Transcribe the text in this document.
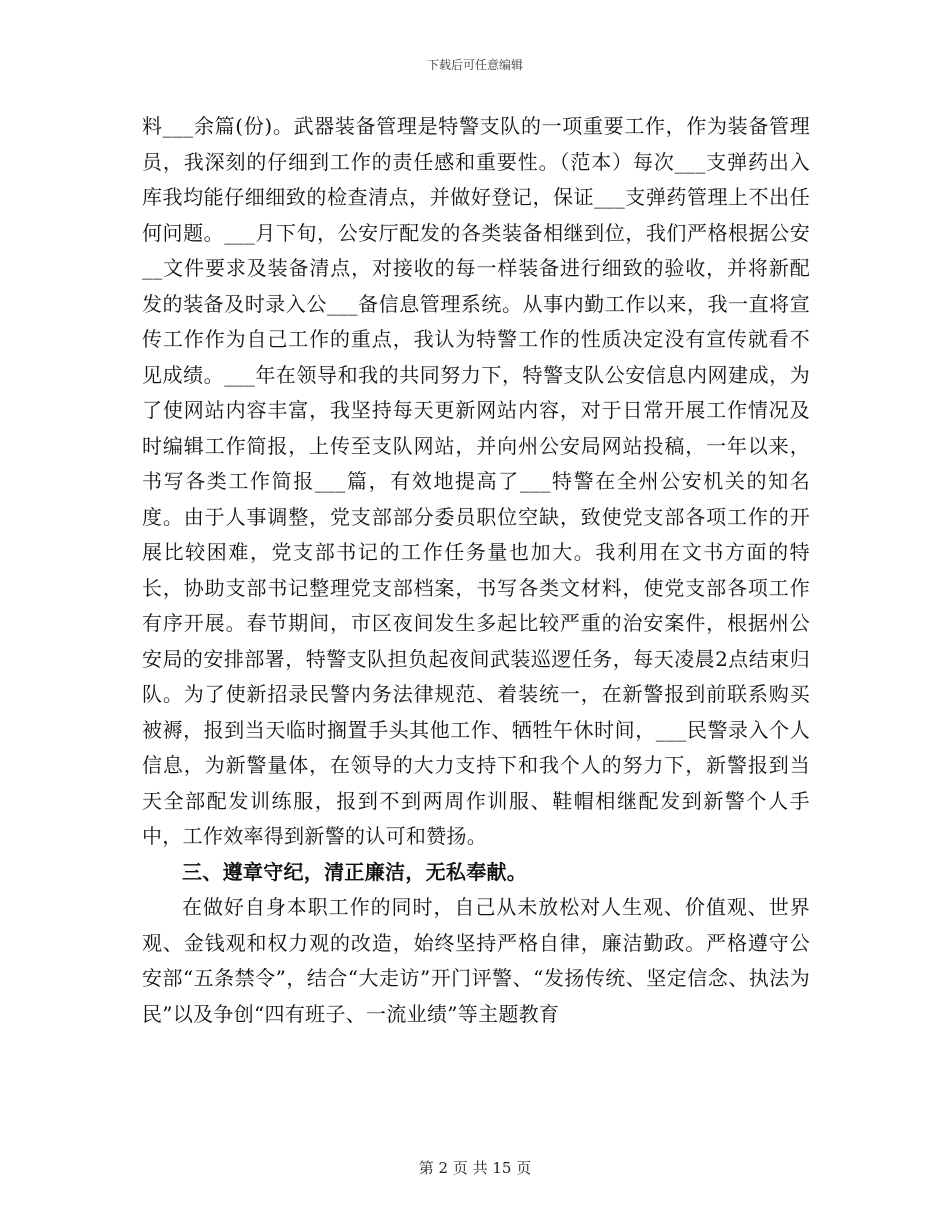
下载后可任意编辑

料___余篇(份)。武器装备管理是特警支队的一项重要工作，作为装备管理员，我深刻的仔细到工作的责任感和重要性。（范本）每次___支弹药出入库我均能仔细细致的检查清点，并做好登记，保证___支弹药管理上不出任何问题。___月下旬，公安厅配发的各类装备相继到位，我们严格根据公安__文件要求及装备清点，对接收的每一样装备进行细致的验收，并将新配发的装备及时录入公___备信息管理系统。从事内勤工作以来，我一直将宣传工作作为自己工作的重点，我认为特警工作的性质决定没有宣传就看不见成绩。___年在领导和我的共同努力下，特警支队公安信息内网建成，为了使网站内容丰富，我坚持每天更新网站内容，对于日常开展工作情况及时编辑工作简报，上传至支队网站，并向州公安局网站投稿，一年以来，书写各类工作简报___篇，有效地提高了___特警在全州公安机关的知名度。由于人事调整，党支部部分委员职位空缺，致使党支部各项工作的开展比较困难，党支部书记的工作任务量也加大。我利用在文书方面的特长，协助支部书记整理党支部档案，书写各类文材料，使党支部各项工作有序开展。春节期间，市区夜间发生多起比较严重的治安案件，根据州公安局的安排部署，特警支队担负起夜间武装巡逻任务，每天凌晨2点结束归队。为了使新招录民警内务法律规范、着装统一，在新警报到前联系购买被褥，报到当天临时搁置手头其他工作、牺牲午休时间，___民警录入个人信息，为新警量体，在领导的大力支持下和我个人的努力下，新警报到当天全部配发训练服，报到不到两周作训服、鞋帽相继配发到新警个人手中，工作效率得到新警的认可和赞扬。

三、遵章守纪，清正廉洁，无私奉献。

在做好自身本职工作的同时，自己从未放松对人生观、价值观、世界观、金钱观和权力观的改造，始终坚持严格自律，廉洁勤政。严格遵守公安部“五条禁令”，结合“大走访”开门评警、“发扬传统、坚定信念、执法为民”以及争创“四有班子、一流业绩”等主题教育

第 2 页 共 15 页
